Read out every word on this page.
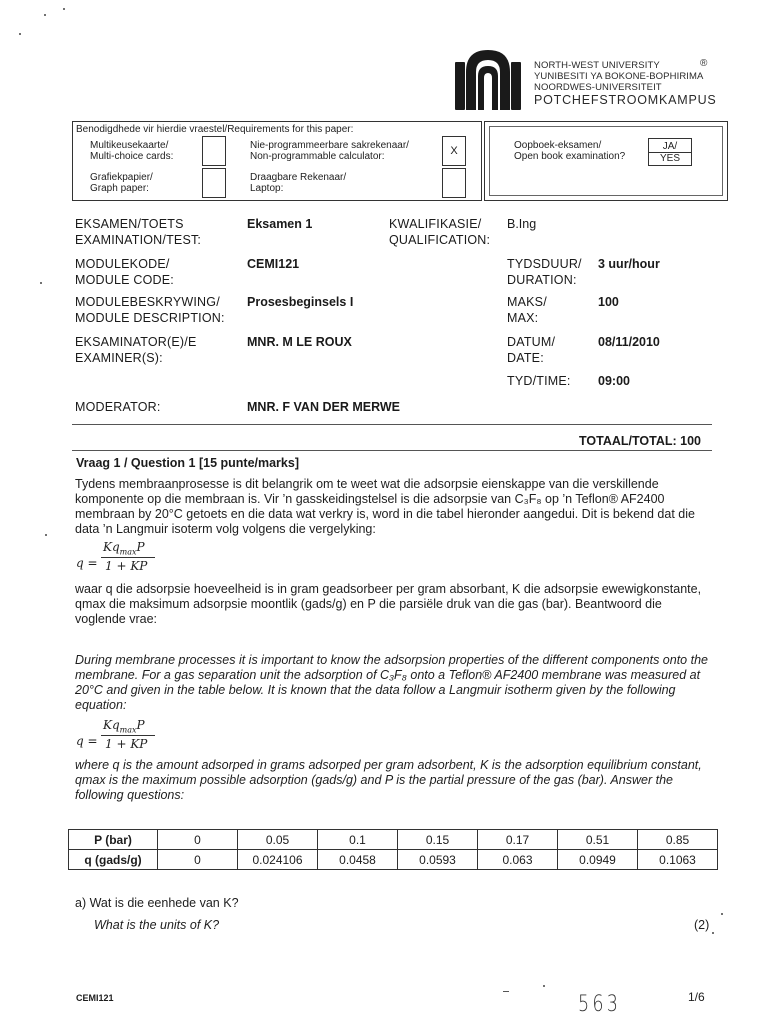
NORTH-WEST UNIVERSITY
YUNIBESITI YA BOKONE-BOPHIRIMA
NOORDWES-UNIVERSITEIT
POTCHEFSTROOMKAMPUS
®
Benodigdhede vir hierdie vraestel/Requirements for this paper:
Multikeusekaarte/
Multi-choice cards:
Nie-programmeerbare sakrekenaar/
Non-programmable calculator:	X
Grafiekpapier/
Graph paper:
Draagbare Rekenaar/
Laptop:
Oopboek-eksamen/
Open book examination?
JA/
YES
EKSAMEN/TOETS
EXAMINATION/TEST:
Eksamen 1	KWALIFIKASIE/
QUALIFICATION:
B.Ing
MODULEKODE/
MODULE CODE:
CEMI121	TYDSDUUR/
DURATION:
3 uur/hour
MODULEBESKRYWING/
MODULE DESCRIPTION:
Prosesbeginsels I	MAKS/
MAX:
100
EKSAMINATOR(E)/E
EXAMINER(S):
MNR. M LE ROUX	DATUM/
DATE:
08/11/2010
TYD/TIME: 09:00
MODERATOR:	MNR. F VAN DER MERWE
TOTAAL/TOTAL: 100
Vraag 1 / Question 1 [15 punte/marks]
Tydens membraanprosesse is dit belangrik om te weet wat die adsorpsie eienskappe van die verskillende komponente op die membraan is. Vir ’n gasskeidingstelsel is die adsorpsie van C₃F₈ op ’n Teflon® AF2400 membraan by 20°C getoets en die data wat verkry is, word in die tabel hieronder aangedui. Dit is bekend dat die data ’n Langmuir isoterm volg volgens die vergelyking:
q =
$Kq_{max}P$
1 + KP
waar q die adsorpsie hoeveelheid is in gram geadsorbeer per gram absorbant, K die adsorpsie ewewigkonstante, qmax die maksimum adsorpsie moontlik (gads/g) en P die parsiële druk van die gas (bar). Beantwoord die voglende vrae:
During membrane processes it is important to know the adsorpsion properties of the different components onto the membrane. For a gas separation unit the adsorption of C₃F₈ onto a Teflon® AF2400 membrane was measured at 20°C and given in the table below. It is known that the data follow a Langmuir isotherm given by the following equation:
q =
$Kq_{max}P$
1 + KP
where q is the amount adsorped in grams adsorped per gram adsorbent, K is the adsorption equilibrium constant, qmax is the maximum possible adsorption (gads/g) and P is the partial pressure of the gas (bar). Answer the following questions:
P (bar)	0	0.05	0.1	0.15	0.17	0.51	0.85
q (gads/g)	0	0.024106	0.0458	0.0593	0.063	0.0949	0.1063
a) Wat is die eenhede van K?
What is the units of K?	(2)
CEMI121	563	1/6
